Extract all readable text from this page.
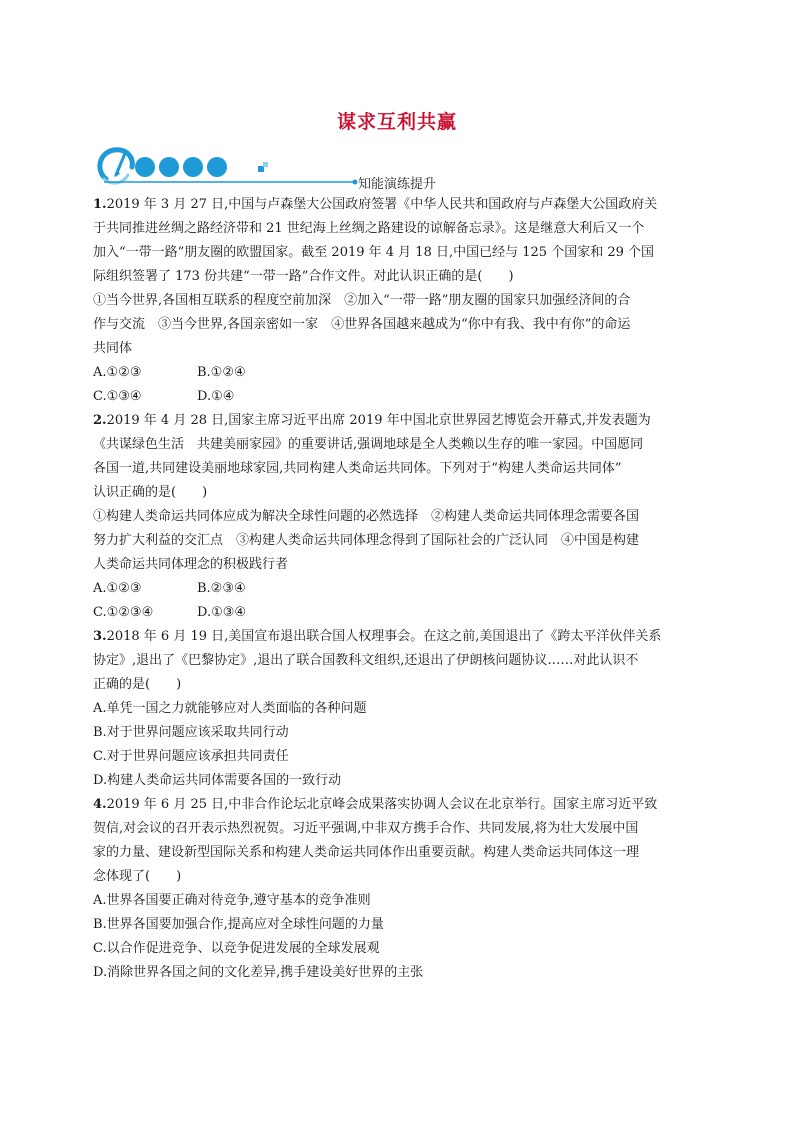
谋求互利共赢
知能演练提升

1.2019 年 3 月 27 日,中国与卢森堡大公国政府签署《中华人民共和国政府与卢森堡大公国政府关

于共同推进丝绸之路经济带和 21 世纪海上丝绸之路建设的谅解备忘录》。这是继意大利后又一个

加入“一带一路”朋友圈的欧盟国家。截至 2019 年 4 月 18 日,中国已经与 125 个国家和 29 个国

际组织签署了 173 份共建“一带一路”合作文件。对此认识正确的是(　　)

①当今世界,各国相互联系的程度空前加深　②加入“一带一路”朋友圈的国家只加强经济间的合

作与交流　③当今世界,各国亲密如一家　④世界各国越来越成为“你中有我、我中有你”的命运

共同体

A.①②③	B.①②④
C.①③④	D.①④

2.2019 年 4 月 28 日,国家主席习近平出席 2019 年中国北京世界园艺博览会开幕式,并发表题为

《共谋绿色生活　共建美丽家园》的重要讲话,强调地球是全人类赖以生存的唯一家园。中国愿同

各国一道,共同建设美丽地球家园,共同构建人类命运共同体。下列对于“构建人类命运共同体”

认识正确的是(　　)

①构建人类命运共同体应成为解决全球性问题的必然选择　②构建人类命运共同体理念需要各国

努力扩大利益的交汇点　③构建人类命运共同体理念得到了国际社会的广泛认同　④中国是构建

人类命运共同体理念的积极践行者

A.①②③	B.②③④
C.①②③④	D.①③④

3.2018 年 6 月 19 日,美国宣布退出联合国人权理事会。在这之前,美国退出了《跨太平洋伙伴关系

协定》,退出了《巴黎协定》,退出了联合国教科文组织,还退出了伊朗核问题协议……对此认识不

正确的是(　　)

A.单凭一国之力就能够应对人类面临的各种问题

B.对于世界问题应该采取共同行动

C.对于世界问题应该承担共同责任

D.构建人类命运共同体需要各国的一致行动

4.2019 年 6 月 25 日,中非合作论坛北京峰会成果落实协调人会议在北京举行。国家主席习近平致

贺信,对会议的召开表示热烈祝贺。习近平强调,中非双方携手合作、共同发展,将为壮大发展中国

家的力量、建设新型国际关系和构建人类命运共同体作出重要贡献。构建人类命运共同体这一理

念体现了(　　)

A.世界各国要正确对待竞争,遵守基本的竞争准则

B.世界各国要加强合作,提高应对全球性问题的力量

C.以合作促进竞争、以竞争促进发展的全球发展观

D.消除世界各国之间的文化差异,携手建设美好世界的主张
